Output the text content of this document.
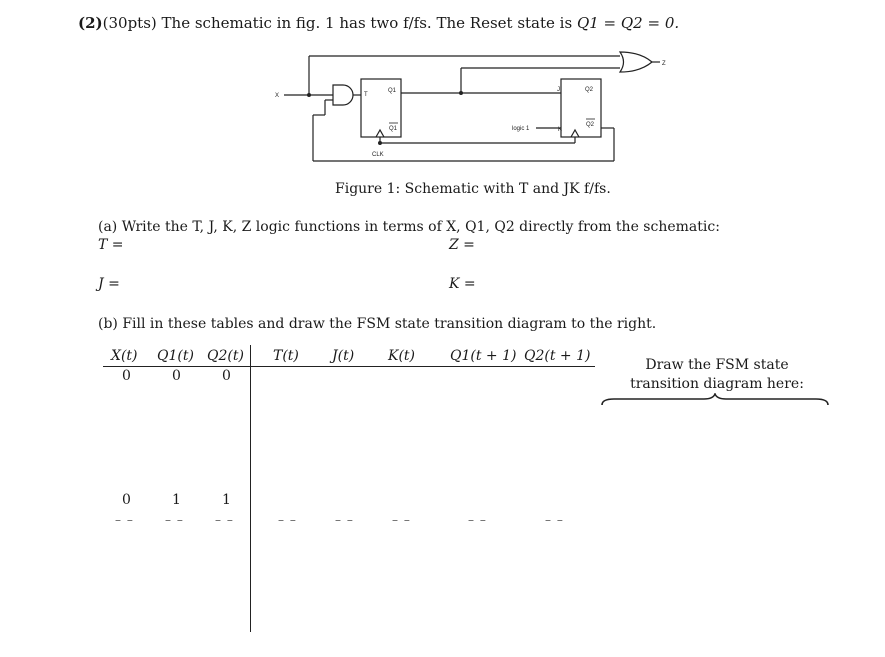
(2)(30pts) The schematic in fig. 1 has two f/fs. The Reset state is Q1 = Q2 = 0.
X
Z
T
Q1
Q1
CLK
J
K
Q2
Q2
logic 1
Figure 1: Schematic with T and JK f/fs.
(a) Write the T, J, K, Z logic functions in terms of X, Q1, Q2 directly from the schematic:
T =	Z =
J =	K =
(b) Fill in these tables and draw the FSM state transition diagram to the right.
X(t) Q1(t) Q2(t) T(t) J(t) K(t) Q1(t + 1) Q2(t + 1)
0	0	0
0	1	1
– –	– –	– –	– –	– –	– –	– –	– –
Draw the FSM state transition diagram here:
